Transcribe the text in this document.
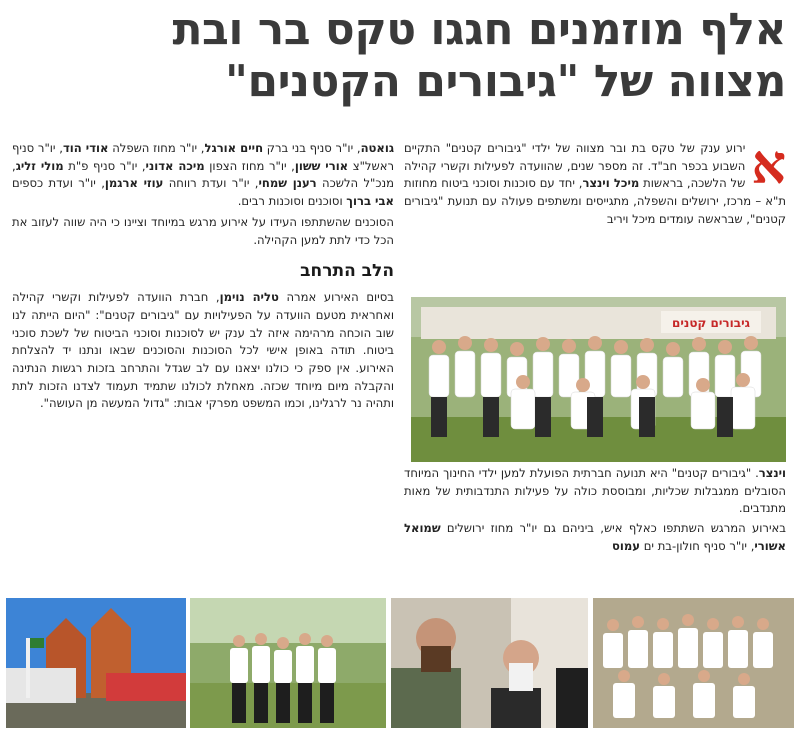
אלף מוזמנים חגגו טקס בר ובת
מצווה של "גיבורים הקטנים"

א
ירוע ענק של טקס בת ובר מצווה של ילדי "גיבורים קטנים" התקיים השבוע בכפר חב"ד. זה מספר שנים, שהוועדה לפעילות וקשרי קהילה של הלשכה, בראשות מיכל וינצר, יחד עם סוכנות וסוכני ביטוח מחוזות ת"א – מרכז, ירושלים והשפלה, מתגייסים ומשתפים פעולה עם תנועת "גיבורים קטנים", שבראשה עומדים מיכל ויריב

גיבורים קטנים

וינצר. "גיבורים קטנים" היא תנועה חברתית הפועלת למען ילדי החינוך המיוחד הסובלים ממגבלות שכליות, ומבוססת כולה על פעילות התנדבותית של מאות מתנדבים.

באירוע המרגש השתתפו כאלף איש, ביניהם גם יו"ר מחוז ירושלים שמואל אשורי, יו"ר סניף חולון-בת ים עמוס

גואטה, יו"ר סניף בני ברק חיים אורגל, יו"ר מחוז השפלה אודי הוד, יו"ר סניף ראשל"צ אורי ששון, יו"ר מחוז הצפון מיכה אדוני, יו"ר סניף פ"ת מולי זליג, מנכ"ל הלשכה רענן שמחי, יו"ר ועדת רווחה עוזי ארגמן, יו"ר ועדת כספים אבי ברוך וסוכנים וסוכנות רבים.

הסוכנים שהשתתפו העידו על אירוע מרגש במיוחד וציינו כי היה שווה לעזוב את הכל כדי לתת למען הקהילה.

הלב התרחב

בסיום האירוע אמרה טליה נוימן, חברת הוועדה לפעילות וקשרי קהילה ואחראית מטעם הוועדה על הפעילויות עם "גיבורים קטנים": "היום הייתה לנו שוב הוכחה מרהימה איזה לב ענק יש לסוכנות וסוכני הביטוח של לשכת סוכני ביטוח. תודה באופן אישי לכל הסוכנות והסוכנים שבאו ונתנו יד להצלחת האירוע. אין ספק כי כולנו יצאנו עם לב שגדל והתרחב בזכות רגשות הנתינה והקבלה מיום מיוחד שכזה. מאחלת לכולנו שתמיד תעמוד לצדנו הזכות לתת ותהיה נר לרגלינו, וכמו המשפט מפרקי אבות: "גדול המעשה מן העושה".
